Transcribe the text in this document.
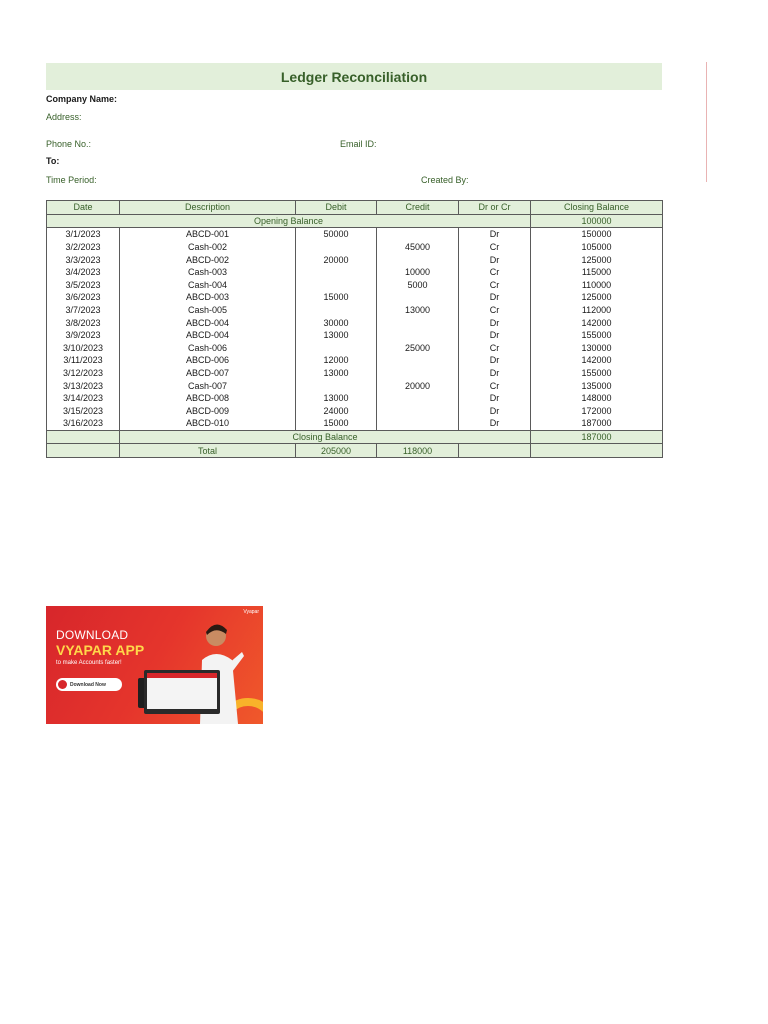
Ledger Reconciliation
Company Name:
Address:
Phone No.:	Email ID:
To:
Time Period:	Created By:
Date	Description	Debit	Credit	Dr or Cr	Closing Balance
Opening Balance					100000
3/1/2023	ABCD-001	50000		Dr	150000
3/2/2023	Cash-002		45000	Cr	105000
3/3/2023	ABCD-002	20000		Dr	125000
3/4/2023	Cash-003		10000	Cr	115000
3/5/2023	Cash-004		5000	Cr	110000
3/6/2023	ABCD-003	15000		Dr	125000
3/7/2023	Cash-005		13000	Cr	112000
3/8/2023	ABCD-004	30000		Dr	142000
3/9/2023	ABCD-004	13000		Dr	155000
3/10/2023	Cash-006		25000	Cr	130000
3/11/2023	ABCD-006	12000		Dr	142000
3/12/2023	ABCD-007	13000		Dr	155000
3/13/2023	Cash-007		20000	Cr	135000
3/14/2023	ABCD-008	13000		Dr	148000
3/15/2023	ABCD-009	24000		Dr	172000
3/16/2023	ABCD-010	15000		Dr	187000
	Closing Balance				187000
	Total	205000	118000		
Vyapar
DOWNLOAD
VYAPAR APP
to make Accounts faster!
Download Now
